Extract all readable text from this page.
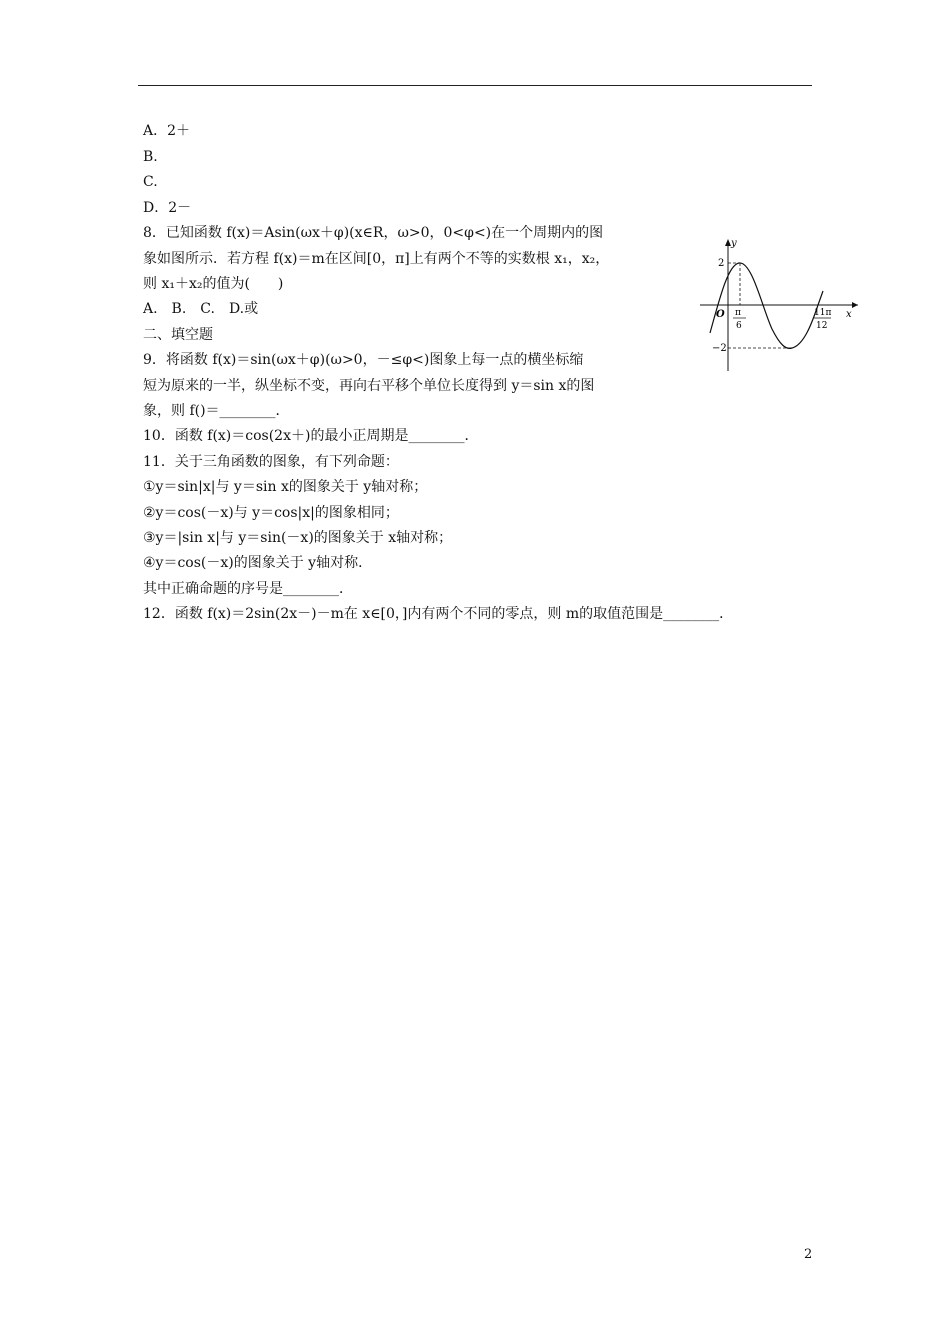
A．2＋
B.
C.
D．2－
8．已知函数 f(x)＝Asin(ωx＋φ)(x∈R，ω>0，0<φ<)在一个周期内的图
象如图所示．若方程 f(x)＝m在区间[0，π]上有两个不等的实数根 x₁，x₂，
则 x₁＋x₂的值为(　　)
A.　B.　C.　D.或
二、填空题
9．将函数 f(x)＝sin(ωx＋φ)(ω>0，－≤φ<)图象上每一点的横坐标缩
短为原来的一半，纵坐标不变，再向右平移个单位长度得到 y＝sin x的图
象，则 f()＝________．
10．函数 f(x)＝cos(2x＋)的最小正周期是________．
11．关于三角函数的图象，有下列命题：
①y＝sin|x|与 y＝sin x的图象关于 y轴对称；
②y＝cos(－x)与 y＝cos|x|的图象相同；
③y＝|sin x|与 y＝sin(－x)的图象关于 x轴对称；
④y＝cos(－x)的图象关于 y轴对称．
其中正确命题的序号是________．
12．函数 f(x)＝2sin(2x－)－m在 x∈[0，]内有两个不同的零点，则 m的取值范围是________．
y
x
O
2
−2
π
6
11π
12
2
